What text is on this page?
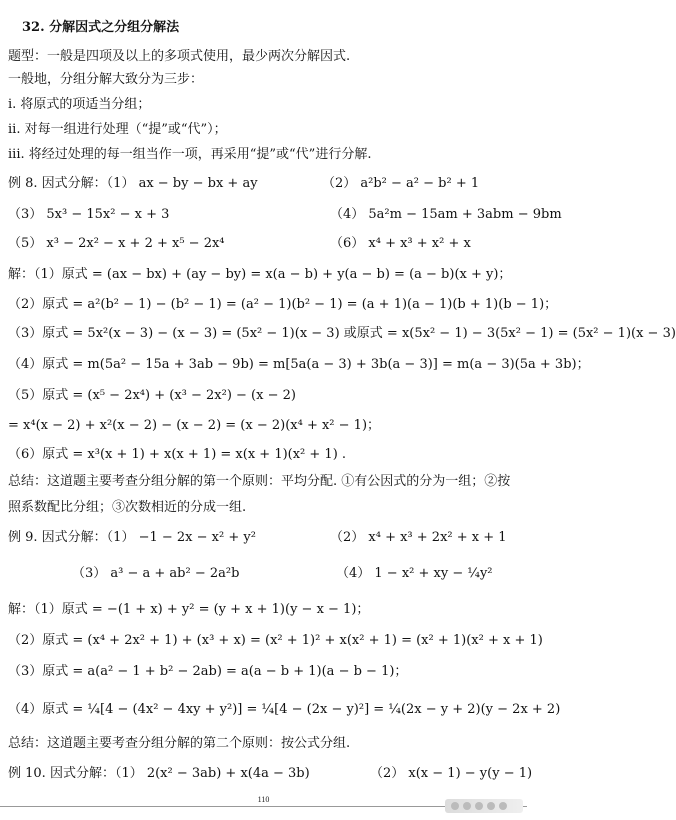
32. 分解因式之分组分解法
题型：一般是四项及以上的多项式使用，最少两次分解因式.
一般地，分组分解大致分为三步：
i. 将原式的项适当分组；
ii. 对每一组进行处理（“提”或“代”）；
iii. 将经过处理的每一组当作一项，再采用“提”或“代”进行分解.
例 8. 因式分解：（1） ax − by − bx + ay	（2） a²b² − a² − b² + 1
（3） 5x³ − 15x² − x + 3	（4） 5a²m − 15am + 3abm − 9bm
（5） x³ − 2x² − x + 2 + x⁵ − 2x⁴	（6） x⁴ + x³ + x² + x
解：（1）原式 = (ax − bx) + (ay − by) = x(a − b) + y(a − b) = (a − b)(x + y)；
（2）原式 = a²(b² − 1) − (b² − 1) = (a² − 1)(b² − 1) = (a + 1)(a − 1)(b + 1)(b − 1)；
（3）原式 = 5x²(x − 3) − (x − 3) = (5x² − 1)(x − 3) 或原式 = x(5x² − 1) − 3(5x² − 1) = (5x² − 1)(x − 3)
（4）原式 = m(5a² − 15a + 3ab − 9b) = m[5a(a − 3) + 3b(a − 3)] = m(a − 3)(5a + 3b)；
（5）原式 = (x⁵ − 2x⁴) + (x³ − 2x²) − (x − 2)
= x⁴(x − 2) + x²(x − 2) − (x − 2) = (x − 2)(x⁴ + x² − 1)；
（6）原式 = x³(x + 1) + x(x + 1) = x(x + 1)(x² + 1) .
总结：这道题主要考查分组分解的第一个原则：平均分配. ①有公因式的分为一组；②按
照系数配比分组；③次数相近的分成一组.
例 9. 因式分解：（1） −1 − 2x − x² + y²	（2） x⁴ + x³ + 2x² + x + 1
（3） a³ − a + ab² − 2a²b	（4） 1 − x² + xy − ¼y²
解：（1）原式 = −(1 + x) + y² = (y + x + 1)(y − x − 1)；
（2）原式 = (x⁴ + 2x² + 1) + (x³ + x) = (x² + 1)² + x(x² + 1) = (x² + 1)(x² + x + 1)
（3）原式 = a(a² − 1 + b² − 2ab) = a(a − b + 1)(a − b − 1)；
（4）原式 = ¼[4 − (4x² − 4xy + y²)] = ¼[4 − (2x − y)²] = ¼(2x − y + 2)(y − 2x + 2)
总结：这道题主要考查分组分解的第二个原则：按公式分组.
例 10. 因式分解：（1） 2(x² − 3ab) + x(4a − 3b)	（2） x(x − 1) − y(y − 1)
110
